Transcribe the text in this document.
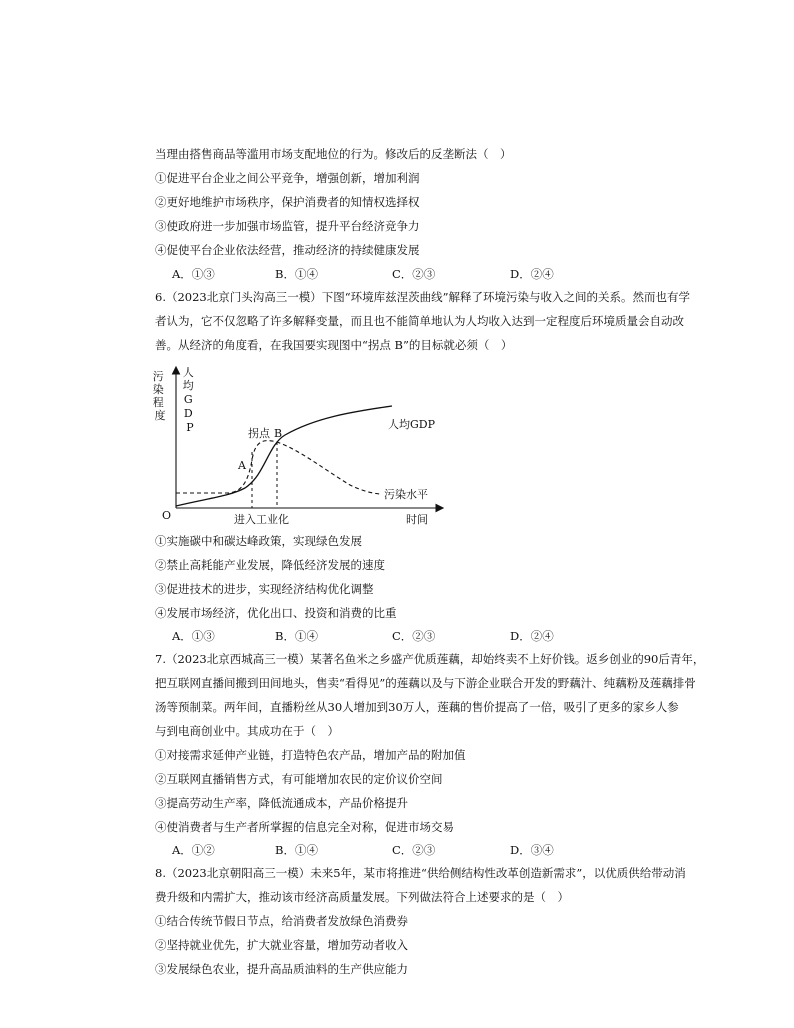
当理由搭售商品等滥用市场支配地位的行为。修改后的反垄断法（　）
①促进平台企业之间公平竞争，增强创新，增加利润
②更好地维护市场秩序，保护消费者的知情权选择权
③使政府进一步加强市场监管，提升平台经济竞争力
④促使平台企业依法经营，推动经济的持续健康发展
A．①③	B．①④	C．②③	D．②④
6.（2023北京门头沟高三一模）下图“环境库兹涅茨曲线”解释了环境污染与收入之间的关系。然而也有学
者认为，它不仅忽略了许多解释变量，而且也不能简单地认为人均收入达到一定程度后环境质量会自动改
善。从经济的角度看，在我国要实现图中“拐点 B”的目标就必须（　）
污 染 程 度
人 均 G D P
O
拐点 B
A
进入工业化	时间
人均GDP
污染水平
①实施碳中和碳达峰政策，实现绿色发展
②禁止高耗能产业发展，降低经济发展的速度
③促进技术的进步，实现经济结构优化调整
④发展市场经济，优化出口、投资和消费的比重
A．①③	B．①④	C．②③	D．②④
7.（2023北京西城高三一模）某著名鱼米之乡盛产优质莲藕，却始终卖不上好价钱。返乡创业的90后青年，
把互联网直播间搬到田间地头，售卖“看得见”的莲藕以及与下游企业联合开发的野藕汁、纯藕粉及莲藕排骨
汤等预制菜。两年间，直播粉丝从30人增加到30万人，莲藕的售价提高了一倍，吸引了更多的家乡人参
与到电商创业中。其成功在于（　）
①对接需求延伸产业链，打造特色农产品，增加产品的附加值
②互联网直播销售方式，有可能增加农民的定价议价空间
③提高劳动生产率，降低流通成本，产品价格提升
④使消费者与生产者所掌握的信息完全对称，促进市场交易
A．①②	B．①④	C．②③	D．③④
8.（2023北京朝阳高三一模）未来5年，某市将推进“供给侧结构性改革创造新需求”，以优质供给带动消
费升级和内需扩大，推动该市经济高质量发展。下列做法符合上述要求的是（　）
①结合传统节假日节点，给消费者发放绿色消费券
②坚持就业优先，扩大就业容量，增加劳动者收入
③发展绿色农业，提升高品质油料的生产供应能力
